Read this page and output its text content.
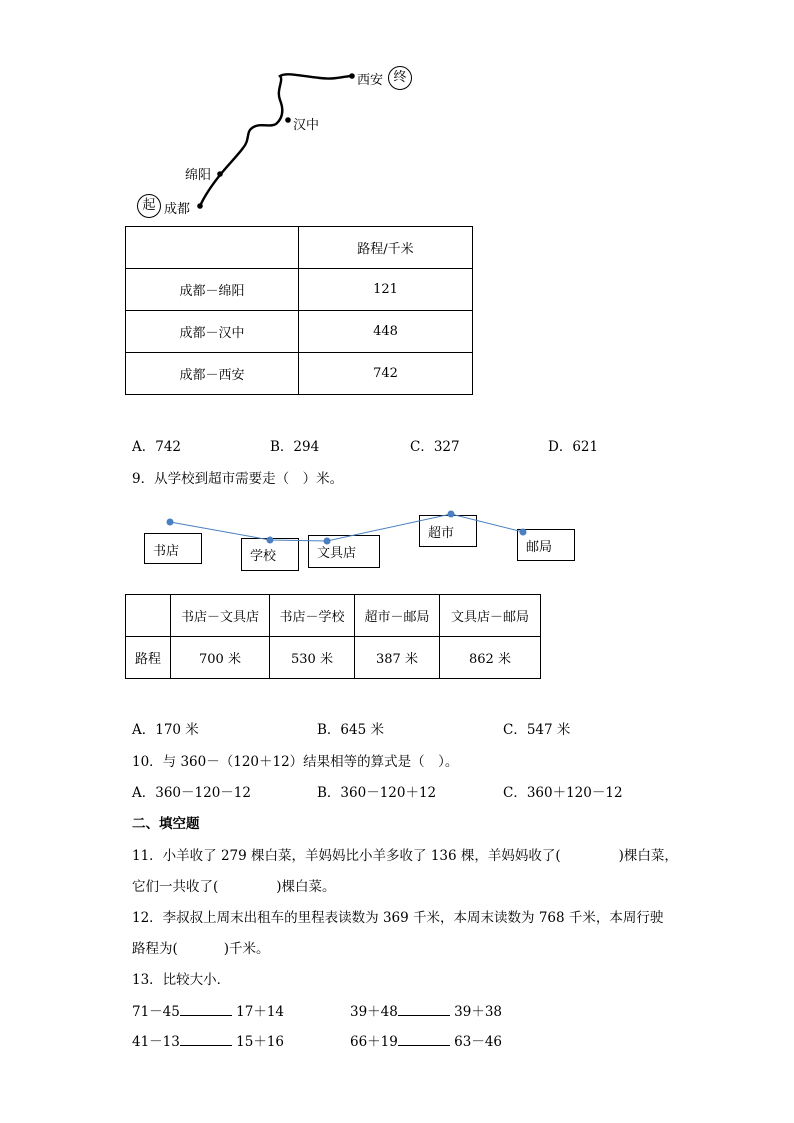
西安 终
汉中
绵阳
起 成都
	路程/千米
成都－绵阳	121
成都－汉中	448
成都－西安	742
A．742	B．294	C．327	D．621
9．从学校到超市需要走（　）米。
书店	学校	文具店
超市
邮局
	书店－文具店	书店－学校	超市－邮局	文具店－邮局
路程	700 米	530 米	387 米	862 米
A．170 米	B．645 米	C．547 米
10．与 360－（120＋12）结果相等的算式是（　）。
A．360－120－12	B．360－120＋12	C．360＋120－12
二、填空题
11．小羊收了 279 棵白菜，羊妈妈比小羊多收了 136 棵，羊妈妈收了(	)棵白菜，
它们一共收了(	)棵白菜。
12．李叔叔上周末出租车的里程表读数为 369 千米，本周末读数为 768 千米，本周行驶
路程为(	)千米。
13．比较大小．
71－45	17＋14	39＋48	39＋38
41－13	15＋16	66＋19	63－46
